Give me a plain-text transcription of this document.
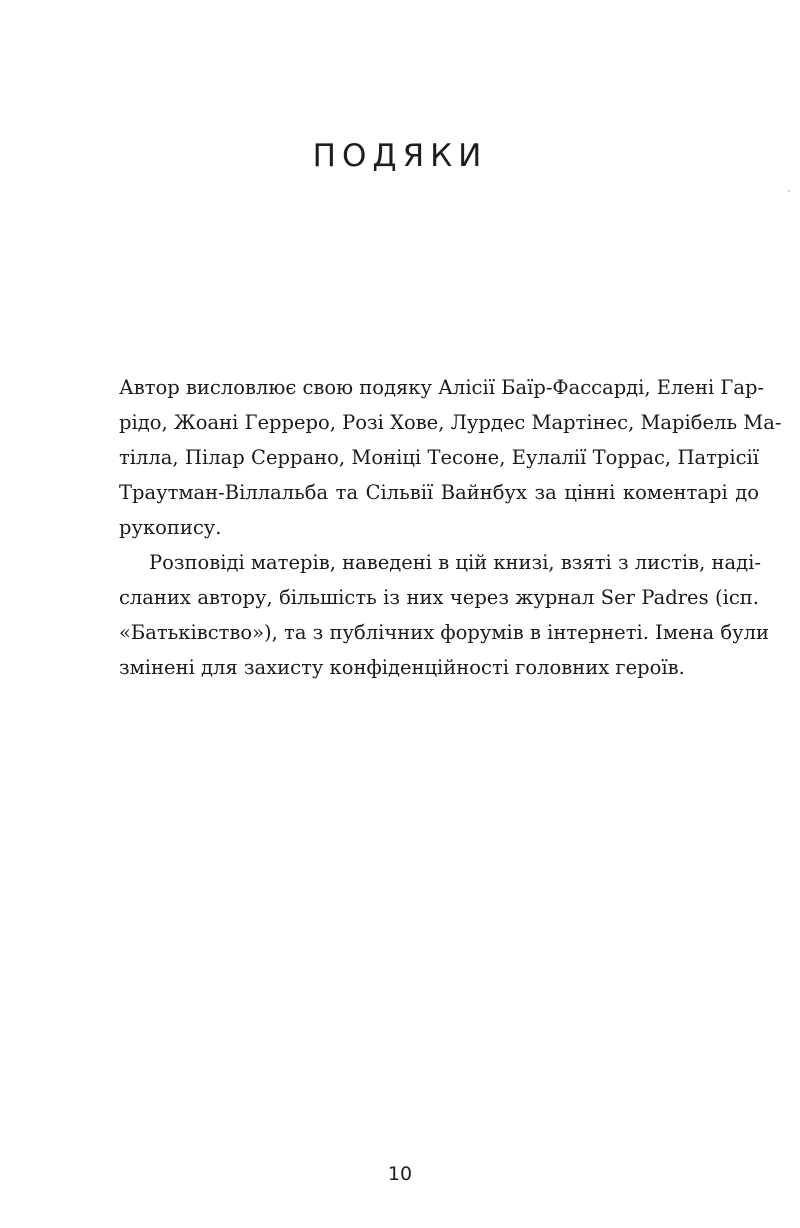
ПОДЯКИ

Автор висловлює свою подяку Алісії Баїр-Фассарді, Елені Гар-
рідо, Жоані Герреро, Розі Хове, Лурдес Мартінес, Марібель Ма-
тілла, Пілар Серрано, Моніці Тесоне, Еулалії Торрас, Патрісії
Траутман-Віллальба та Сільвії Вайнбух за цінні коментарі до
рукопису.

Розповіді матерів, наведені в цій книзі, взяті з листів, наді-
сланих автору, більшість із них через журнал Ser Padres (ісп.
«Батьківство»), та з публічних форумів в інтернеті. Імена були
змінені для захисту конфіденційності головних героїв.

10
